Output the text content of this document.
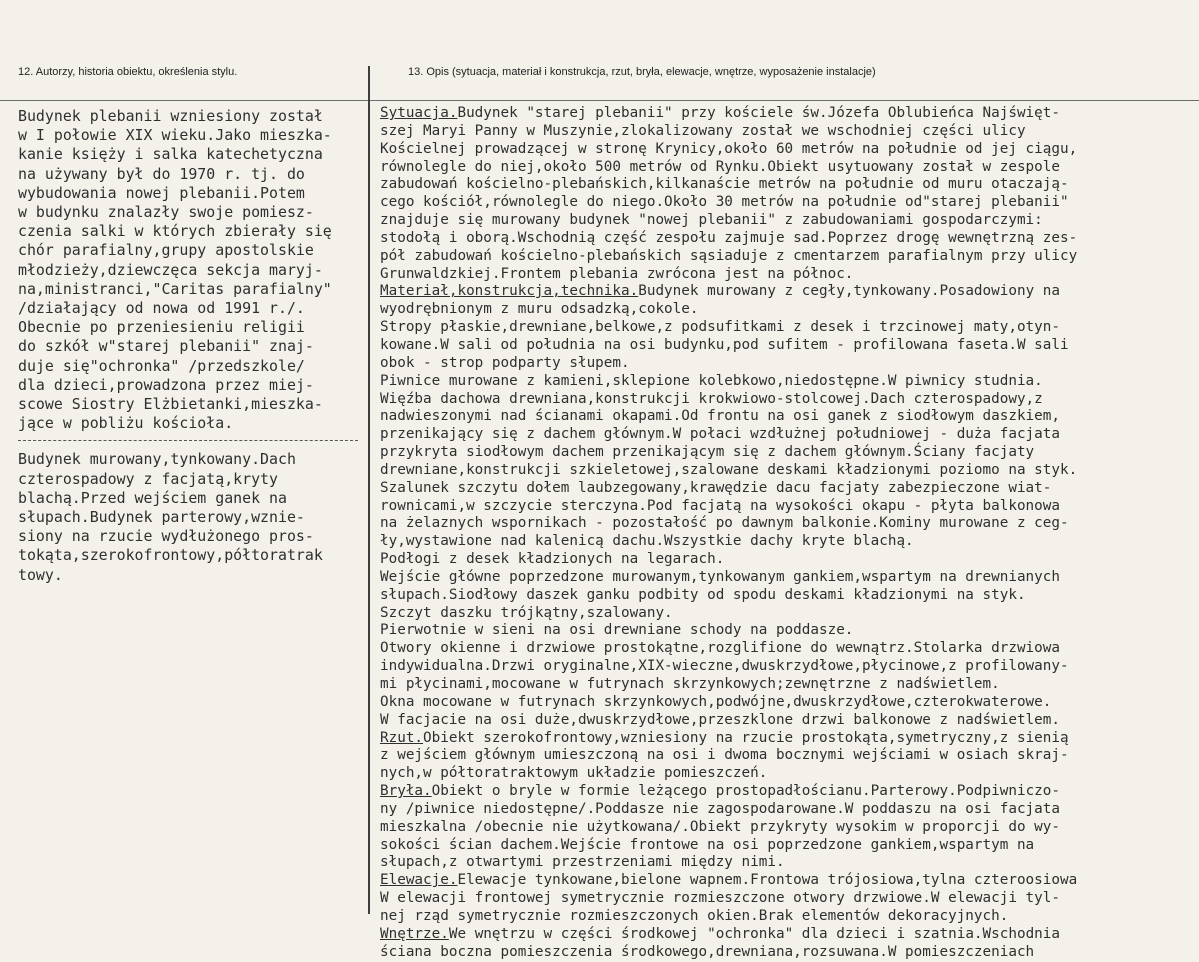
12. Autorzy, historia obiektu, określenia stylu.	13. Opis (sytuacja, materiał i konstrukcja, rzut, bryła, elewacje, wnętrze, wyposażenie instalacje)
Budynek plebanii wzniesiony został
w I połowie XIX wieku.Jako mieszka-
kanie księży i salka katechetyczna
na używany był do 1970 r. tj. do
wybudowania nowej plebanii.Potem
w budynku znalazły swoje pomiesz-
czenia salki w których zbierały się
chór parafialny,grupy apostolskie
młodzieży,dziewczęca sekcja maryj-
na,ministranci,"Caritas parafialny"
/działający od nowa od 1991 r./.
Obecnie po przeniesieniu religii
do szkół w"starej plebanii" znaj-
duje się"ochronka" /przedszkole/
dla dzieci,prowadzona przez miej-
scowe Siostry Elżbietanki,mieszka-
jące w pobliżu kościoła.
Budynek murowany,tynkowany.Dach
czterospadowy z facjatą,kryty
blachą.Przed wejściem ganek na
słupach.Budynek parterowy,wznie-
siony na rzucie wydłużonego pros-
tokąta,szerokofrontowy,półtoratrak
towy.
Sytuacja.Budynek "starej plebanii" przy kościele św.Józefa Oblubieńca Najświęt-
szej Maryi Panny w Muszynie,zlokalizowany został we wschodniej części ulicy
Kościelnej prowadzącej w stronę Krynicy,około 60 metrów na południe od jej ciągu,
równolegle do niej,około 500 metrów od Rynku.Obiekt usytuowany został w zespole
zabudowań kościelno-plebańskich,kilkanaście metrów na południe od muru otaczają-
cego kościół,równolegle do niego.Około 30 metrów na południe od"starej plebanii"
znajduje się murowany budynek "nowej plebanii" z zabudowaniami gospodarczymi:
stodołą i oborą.Wschodnią część zespołu zajmuje sad.Poprzez drogę wewnętrzną zes-
pół zabudowań kościelno-plebańskich sąsiaduje z cmentarzem parafialnym przy ulicy
Grunwaldzkiej.Frontem plebania zwrócona jest na północ.
Materiał,konstrukcja,technika.Budynek murowany z cegły,tynkowany.Posadowiony na
wyodrębnionym z muru odsadzką,cokole.
Stropy płaskie,drewniane,belkowe,z podsufitkami z desek i trzcinowej maty,otyn-
kowane.W sali od południa na osi budynku,pod sufitem - profilowana faseta.W sali
obok - strop podparty słupem.
Piwnice murowane z kamieni,sklepione kolebkowo,niedostępne.W piwnicy studnia.
Więźba dachowa drewniana,konstrukcji krokwiowo-stolcowej.Dach czterospadowy,z
nadwieszonymi nad ścianami okapami.Od frontu na osi ganek z siodłowym daszkiem,
przenikający się z dachem głównym.W połaci wzdłużnej południowej - duża facjata
przykryta siodłowym dachem przenikającym się z dachem głównym.Ściany facjaty
drewniane,konstrukcji szkieletowej,szalowane deskami kładzionymi poziomo na styk.
Szalunek szczytu dołem laubzegowany,krawędzie dacu facjaty zabezpieczone wiat-
rownicami,w szczycie sterczyna.Pod facjatą na wysokości okapu - płyta balkonowa
na żelaznych wspornikach - pozostałość po dawnym balkonie.Kominy murowane z ceg-
ły,wystawione nad kalenicą dachu.Wszystkie dachy kryte blachą.
Podłogi z desek kładzionych na legarach.
Wejście główne poprzedzone murowanym,tynkowanym gankiem,wspartym na drewnianych
słupach.Siodłowy daszek ganku podbity od spodu deskami kładzionymi na styk.
Szczyt daszku trójkątny,szalowany.
Pierwotnie w sieni na osi drewniane schody na poddasze.
Otwory okienne i drzwiowe prostokątne,rozglifione do wewnątrz.Stolarka drzwiowa
indywidualna.Drzwi oryginalne,XIX-wieczne,dwuskrzydłowe,płycinowe,z profilowany-
mi płycinami,mocowane w futrynach skrzynkowych;zewnętrzne z nadświetlem.
Okna mocowane w futrynach skrzynkowych,podwójne,dwuskrzydłowe,czterokwaterowe.
W facjacie na osi duże,dwuskrzydłowe,przeszklone drzwi balkonowe z nadświetlem.
Rzut.Obiekt szerokofrontowy,wzniesiony na rzucie prostokąta,symetryczny,z sienią
z wejściem głównym umieszczoną na osi i dwoma bocznymi wejściami w osiach skraj-
nych,w półtoratraktowym układzie pomieszczeń.
Bryła.Obiekt o bryle w formie leżącego prostopadłościanu.Parterowy.Podpiwniczo-
ny /piwnice niedostępne/.Poddasze nie zagospodarowane.W poddaszu na osi facjata
mieszkalna /obecnie nie użytkowana/.Obiekt przykryty wysokim w proporcji do wy-
sokości ścian dachem.Wejście frontowe na osi poprzedzone gankiem,wspartym na
słupach,z otwartymi przestrzeniami między nimi.
Elewacje.Elewacje tynkowane,bielone wapnem.Frontowa trójosiowa,tylna czteroosiowa
W elewacji frontowej symetrycznie rozmieszczone otwory drzwiowe.W elewacji tyl-
nej rząd symetrycznie rozmieszczonych okien.Brak elementów dekoracyjnych.
Wnętrze.We wnętrzu w części środkowej "ochronka" dla dzieci i szatnia.Wschodnia
ściana boczna pomieszczenia środkowego,drewniana,rozsuwana.W pomieszczeniach
